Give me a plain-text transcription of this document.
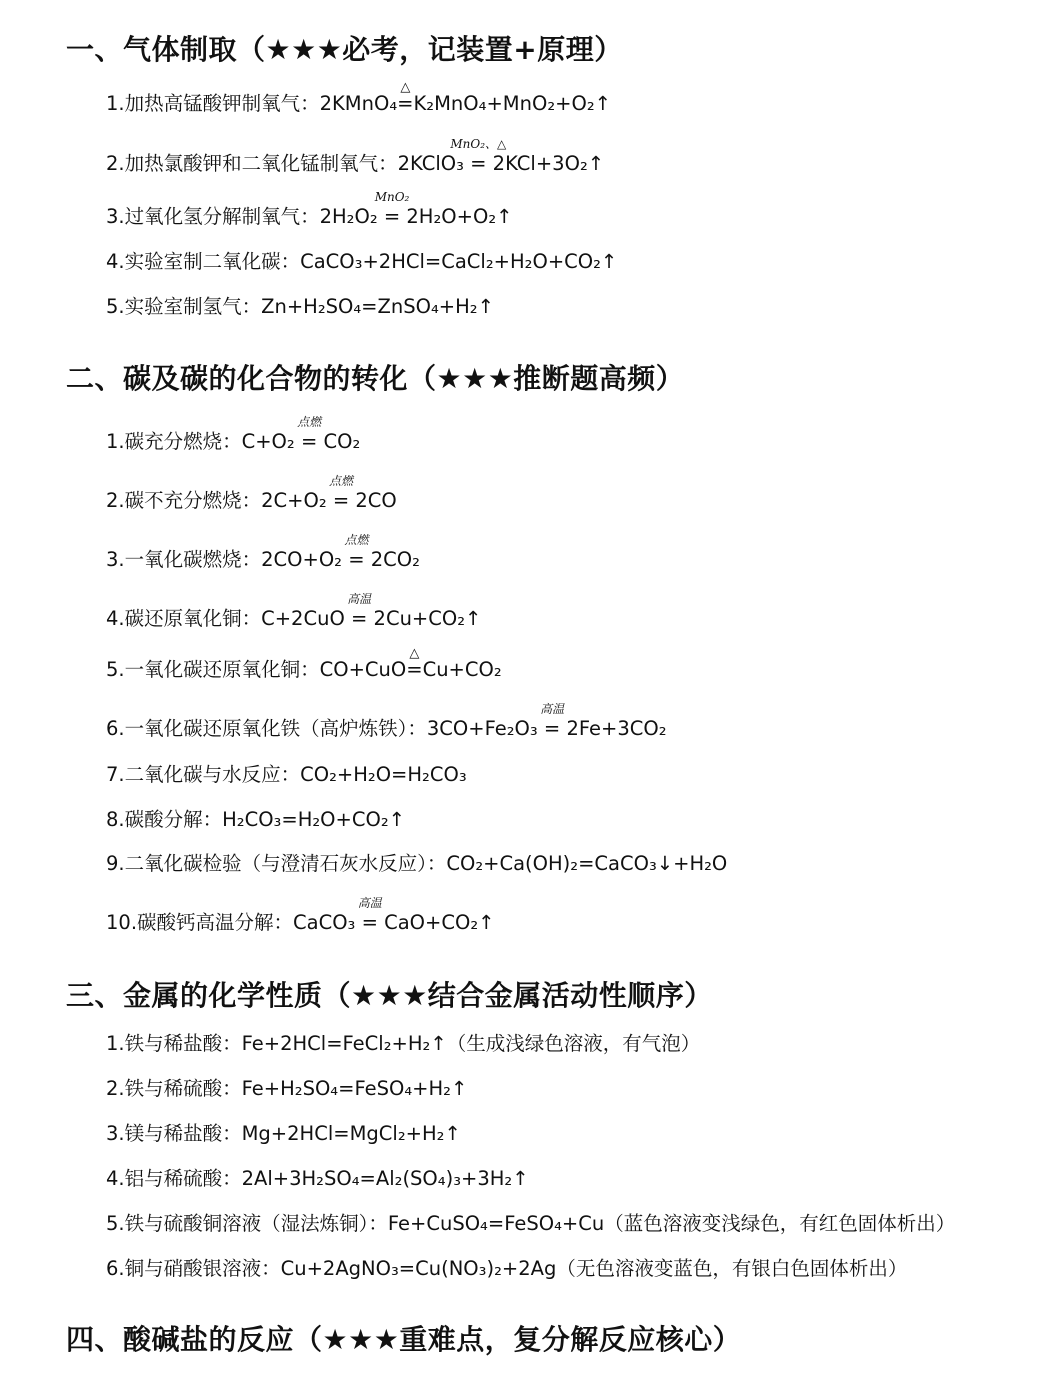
一、气体制取（★★★必考，记装置+原理）
二、碳及碳的化合物的转化（★★★推断题高频）
三、金属的化学性质（★★★结合金属活动性顺序）
四、酸碱盐的反应（★★★重难点，复分解反应核心）
1.加热高锰酸钾制氧气：2KMnO₄
△
=K₂MnO₄+MnO₂+O₂↑
2.加热氯酸钾和二氧化锰制氧气：2KClO₃
MnO₂、△
= 2KCl+3O₂↑
3.过氧化氢分解制氧气：2H₂O₂
MnO₂
= 2H₂O+O₂↑
4.实验室制二氧化碳：CaCO₃+2HCl=CaCl₂+H₂O+CO₂↑
5.实验室制氢气：Zn+H₂SO₄=ZnSO₄+H₂↑
1.碳充分燃烧：C+O₂
点燃
= CO₂
2.碳不充分燃烧：2C+O₂
点燃
= 2CO
3.一氧化碳燃烧：2CO+O₂
点燃
= 2CO₂
4.碳还原氧化铜：C+2CuO
高温
= 2Cu+CO₂↑
5.一氧化碳还原氧化铜：CO+CuO
△
=Cu+CO₂
6.一氧化碳还原氧化铁（高炉炼铁）：3CO+Fe₂O₃
高温
= 2Fe+3CO₂
7.二氧化碳与水反应：CO₂+H₂O=H₂CO₃
8.碳酸分解：H₂CO₃=H₂O+CO₂↑
9.二氧化碳检验（与澄清石灰水反应）：CO₂+Ca(OH)₂=CaCO₃↓+H₂O
10.碳酸钙高温分解：CaCO₃
高温
= CaO+CO₂↑
1.铁与稀盐酸：Fe+2HCl=FeCl₂+H₂↑（生成浅绿色溶液，有气泡）
2.铁与稀硫酸：Fe+H₂SO₄=FeSO₄+H₂↑
3.镁与稀盐酸：Mg+2HCl=MgCl₂+H₂↑
4.铝与稀硫酸：2Al+3H₂SO₄=Al₂(SO₄)₃+3H₂↑
5.铁与硫酸铜溶液（湿法炼铜）：Fe+CuSO₄=FeSO₄+Cu（蓝色溶液变浅绿色，有红色固体析出）
6.铜与硝酸银溶液：Cu+2AgNO₃=Cu(NO₃)₂+2Ag（无色溶液变蓝色，有银白色固体析出）
